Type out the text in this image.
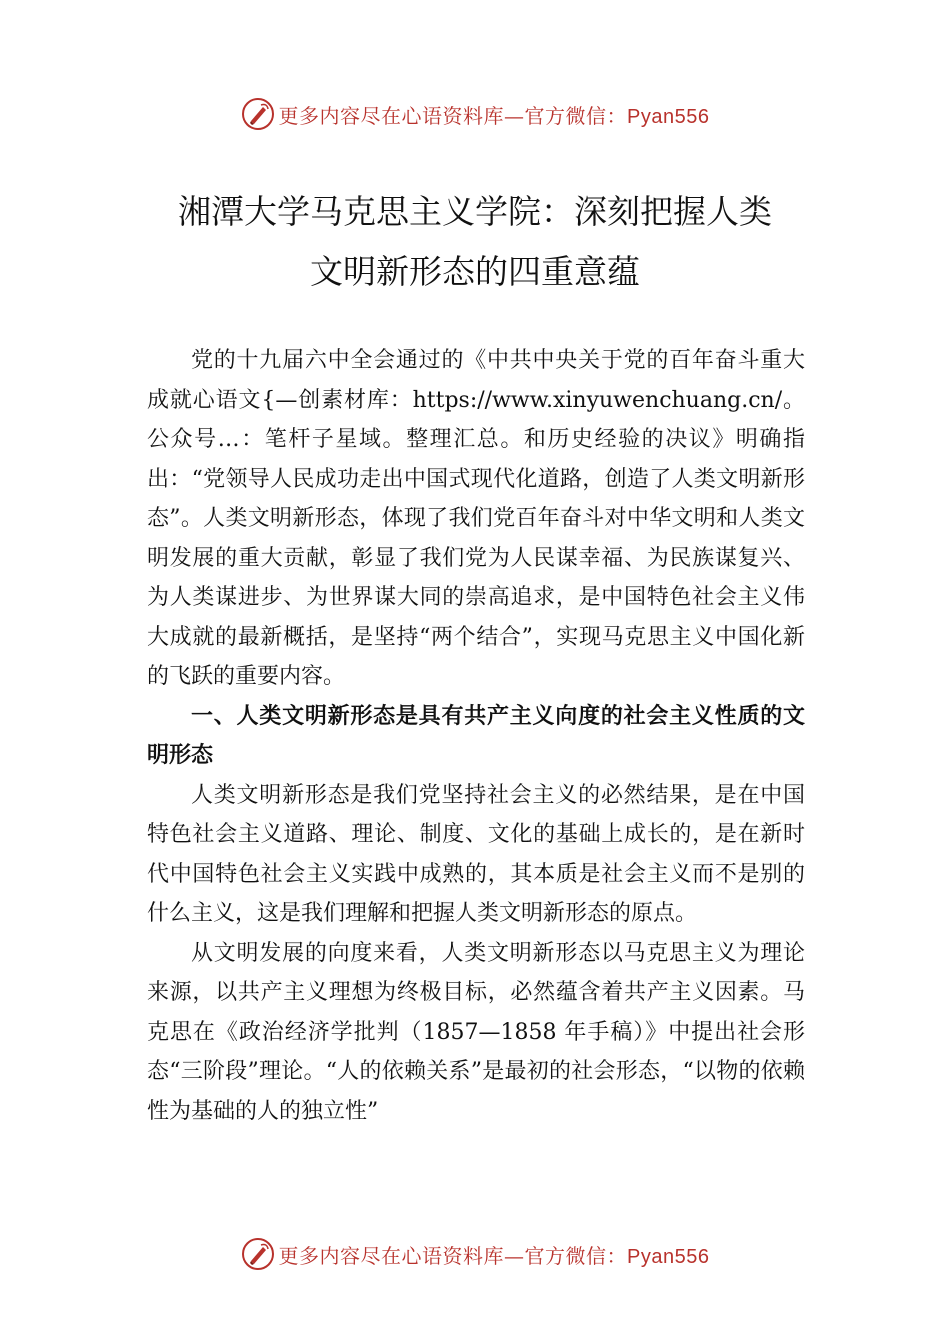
更多内容尽在心语资料库—官方微信：Pyan556
湘潭大学马克思主义学院：深刻把握人类
文明新形态的四重意蕴

党的十九届六中全会通过的《中共中央关于党的百年奋斗重大成就心语文{—创素材库：https://www.xinyuwenchuang.cn/。公众号…：笔杆子星域。整理汇总。和历史经验的决议》明确指出：“党领导人民成功走出中国式现代化道路，创造了人类文明新形态”。人类文明新形态，体现了我们党百年奋斗对中华文明和人类文明发展的重大贡献，彰显了我们党为人民谋幸福、为民族谋复兴、为人类谋进步、为世界谋大同的崇高追求，是中国特色社会主义伟大成就的最新概括，是坚持“两个结合”，实现马克思主义中国化新的飞跃的重要内容。

一、人类文明新形态是具有共产主义向度的社会主义性质的文明形态

人类文明新形态是我们党坚持社会主义的必然结果，是在中国特色社会主义道路、理论、制度、文化的基础上成长的，是在新时代中国特色社会主义实践中成熟的，其本质是社会主义而不是别的什么主义，这是我们理解和把握人类文明新形态的原点。

从文明发展的向度来看，人类文明新形态以马克思主义为理论来源，以共产主义理想为终极目标，必然蕴含着共产主义因素。马克思在《政治经济学批判（1857—1858 年手稿）》中提出社会形态“三阶段”理论。“人的依赖关系”是最初的社会形态，“以物的依赖性为基础的人的独立性”

更多内容尽在心语资料库—官方微信：Pyan556
